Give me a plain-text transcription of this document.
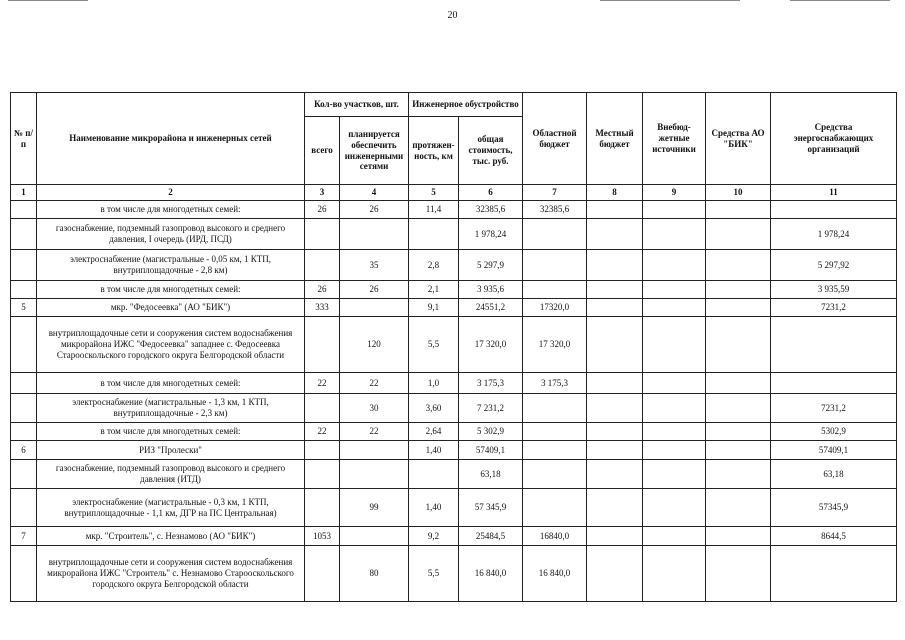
20
№ п/п	Наименование микрорайона и инженерных сетей	Кол-во участков, шт.		Инженерное обустройство		Областной бюджет	Местный бюджет	Внебюд-жетные источники	Средства АО "БИК"	Средства энергоснабжающих организаций
		всего	планируется обеспечить инженерными сетями	протяжен-ность, км	общая стоимость, тыс. руб.					
1	2	3	4	5	6	7	8	9	10	11
	в том числе для многодетных семей:	26	26	11,4	32385,6	32385,6				
	газоснабжение, подземный газопровод высокого и среднего давления, I очередь (ИРД, ПСД)				1 978,24					1 978,24
	электроснабжение (магистральные - 0,05 км, 1 КТП, внутриплощадочные - 2,8 км)		35	2,8	5 297,9					5 297,92
	в том числе для многодетных семей:	26	26	2,1	3 935,6					3 935,59
5	мкр. "Федосеевка" (АО "БИК")	333		9,1	24551,2	17320,0				7231,2
	внутриплощадочные сети и сооружения систем водоснабжения микрорайона ИЖС "Федосеевка" западнее с. Федосеевка Старооскольского городского округа Белгородской области		120	5,5	17 320,0	17 320,0				
	в том числе для многодетных семей:	22	22	1,0	3 175,3	3 175,3				
	электроснабжение (магистральные - 1,3 км, 1 КТП, внутриплощадочные - 2,3 км)		30	3,60	7 231,2					7231,2
	в том числе для многодетных семей:	22	22	2,64	5 302,9					5302,9
6	РИЗ "Пролески"			1,40	57409,1					57409,1
	газоснабжение, подземный газопровод высокого и среднего давления (ИТД)				63,18					63,18
	электроснабжение (магистральные - 0,3 км, 1 КТП, внутриплощадочные - 1,1 км, ДГР на ПС Центральная)		99	1,40	57 345,9					57345,9
7	мкр. "Строитель", с. Незнамово (АО "БИК")	1053		9,2	25484,5	16840,0				8644,5
	внутриплощадочные сети и сооружения систем водоснабжения микрорайона ИЖС "Строитель" с. Незнамово Старооскольского городского округа Белгородской области		80	5,5	16 840,0	16 840,0				
